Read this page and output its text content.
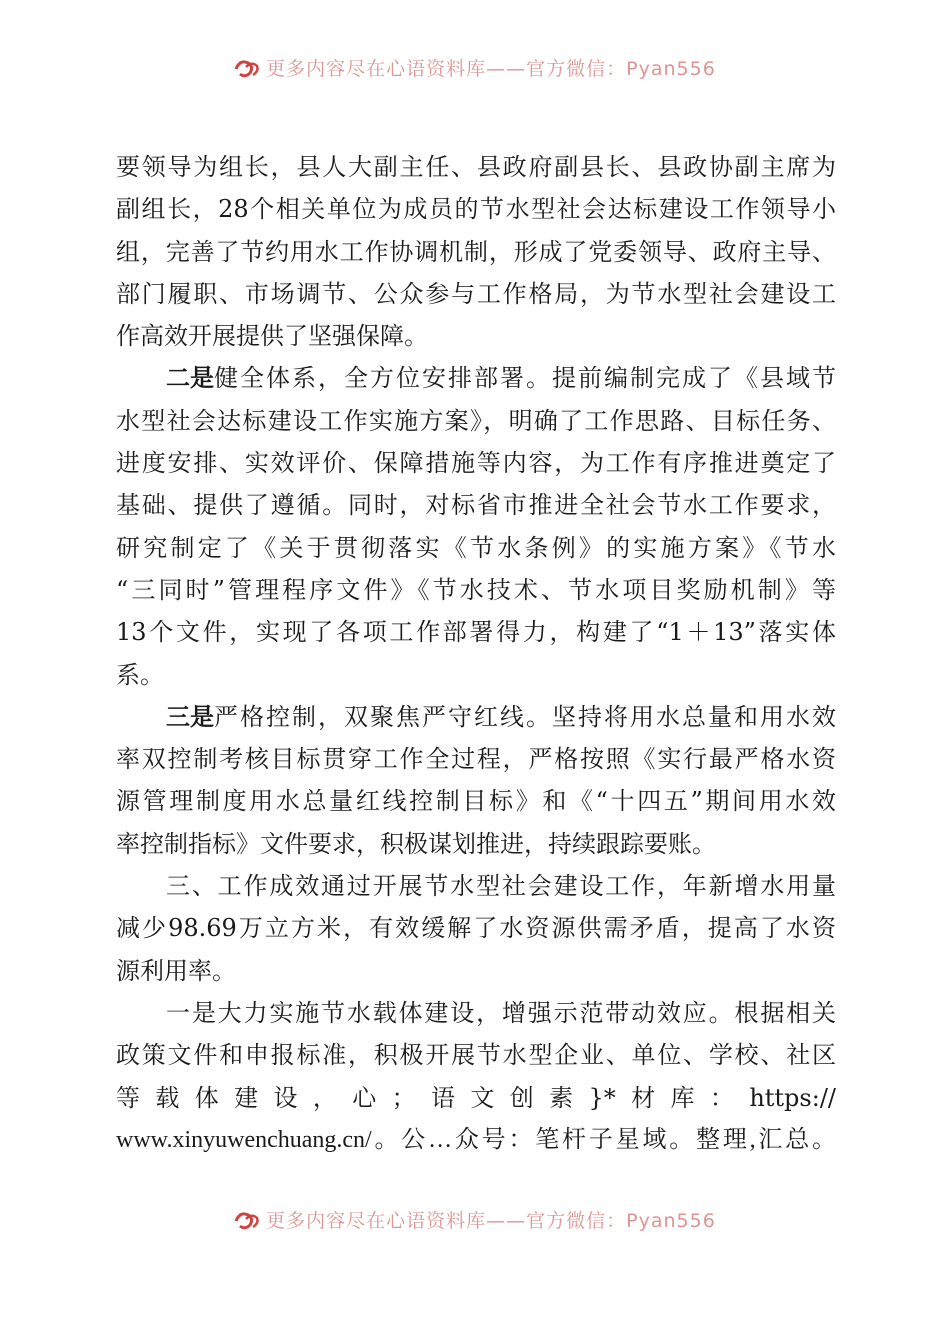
更多内容尽在心语资料库——官方微信：Pyan556
要领导为组长，县人大副主任、县政府副县长、县政协副主席为
副组长，28个相关单位为成员的节水型社会达标建设工作领导小
组，完善了节约用水工作协调机制，形成了党委领导、政府主导、
部门履职、市场调节、公众参与工作格局，为节水型社会建设工
作高效开展提供了坚强保障。
二是 健全体系，全方位安排部署。提前编制完成了《县域节
水型社会达标建设工作实施方案》，明确了工作思路、目标任务、
进度安排、实效评价、保障措施等内容，为工作有序推进奠定了
基础、提供了遵循。同时，对标省市推进全社会节水工作要求，
研究制定了《关于贯彻落实《节水条例》的实施方案》《节水
“三同时”管理程序文件》《节水技术、节水项目奖励机制》等
13个文件，实现了各项工作部署得力，构建了“1＋13”落实体
系。
三是 严格控制，双聚焦严守红线。坚持将用水总量和用水效
率双控制考核目标贯穿工作全过程，严格按照《实行最严格水资
源管理制度用水总量红线控制目标》和《“十四五”期间用水效
率控制指标》文件要求，积极谋划推进，持续跟踪要账。
三、工作成效通过开展节水型社会建设工作，年新增水用量
减少98.69万立方米，有效缓解了水资源供需矛盾，提高了水资
源利用率。
一是大力实施节水载体建设，增强示范带动效应。根据相关
政策文件和申报标准，积极开展节水型企业、单位、学校、社区
等载体建设，心；语文创素}*材库：https://
www.xinyuwenchuang.cn/。公…众号：笔杆子星域。整理,汇总。
更多内容尽在心语资料库——官方微信：Pyan556
